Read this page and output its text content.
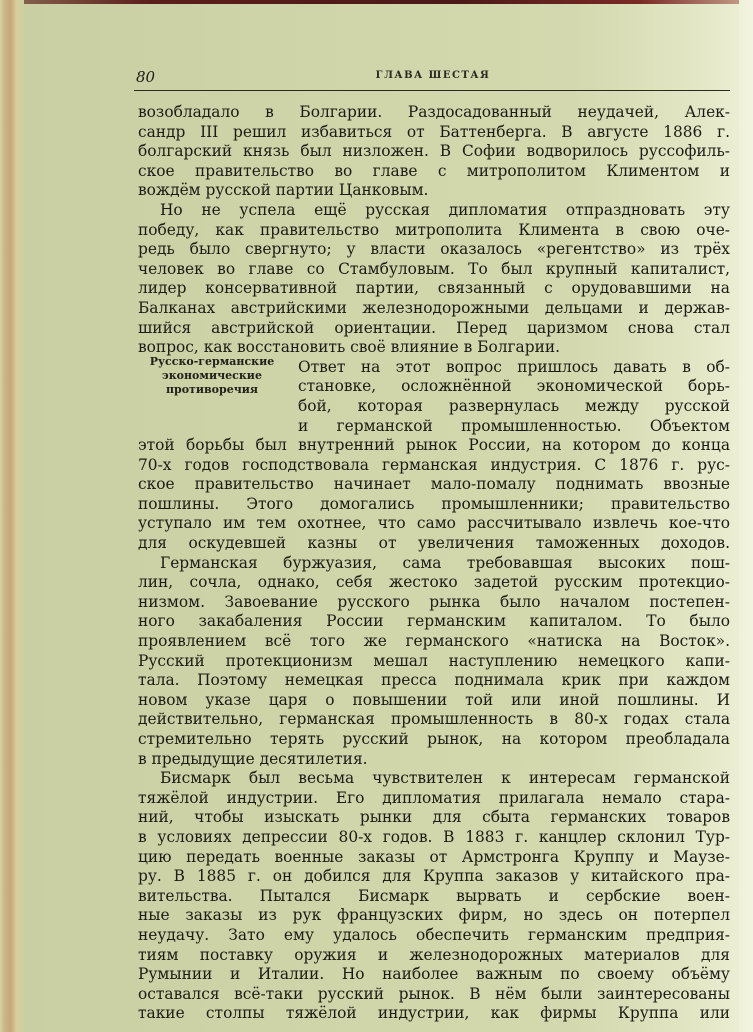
80	ГЛАВА ШЕСТАЯ
Русско-германские
экономические
противоречия
возобладало в Болгарии. Раздосадованный неудачей, Алек-
сандр III решил избавиться от Баттенберга. В августе 1886 г.
болгарский князь был низложен. В Софии водворилось руссофиль-
ское правительство во главе с митрополитом Климентом и
вождём русской партии Цанковым.
Но не успела ещё русская дипломатия отпраздновать эту
победу, как правительство митрополита Климента в свою оче-
редь было свергнуто; у власти оказалось «регентство» из трёх
человек во главе со Стамбуловым. То был крупный капиталист,
лидер консервативной партии, связанный с орудовавшими на
Балканах австрийскими железнодорожными дельцами и держав-
шийся австрийской ориентации. Перед царизмом снова стал
вопрос, как восстановить своё влияние в Болгарии.
Ответ на этот вопрос пришлось давать в об-
становке, осложнённой экономической борь-
бой, которая развернулась между русской
и германской промышленностью. Объектом
этой борьбы был внутренний рынок России, на котором до конца
70-х годов господствовала германская индустрия. С 1876 г. рус-
ское правительство начинает мало-помалу поднимать ввозные
пошлины. Этого домогались промышленники; правительство
уступало им тем охотнее, что само рассчитывало извлечь кое-что
для оскудевшей казны от увеличения таможенных доходов.
Германская буржуазия, сама требовавшая высоких пош-
лин, сочла, однако, себя жестоко задетой русским протекцио-
низмом. Завоевание русского рынка было началом постепен-
ного закабаления России германским капиталом. То было
проявлением всё того же германского «натиска на Восток».
Русский протекционизм мешал наступлению немецкого капи-
тала. Поэтому немецкая пресса поднимала крик при каждом
новом указе царя о повышении той или иной пошлины. И
действительно, германская промышленность в 80-х годах стала
стремительно терять русский рынок, на котором преобладала
в предыдущие десятилетия.
Бисмарк был весьма чувствителен к интересам германской
тяжёлой индустрии. Его дипломатия прилагала немало стара-
ний, чтобы изыскать рынки для сбыта германских товаров
в условиях депрессии 80-х годов. В 1883 г. канцлер склонил Тур-
цию передать военные заказы от Армстронга Круппу и Маузе-
ру. В 1885 г. он добился для Круппа заказов у китайского пра-
вительства. Пытался Бисмарк вырвать и сербские воен-
ные заказы из рук французских фирм, но здесь он потерпел
неудачу. Зато ему удалось обеспечить германским предприя-
тиям поставку оружия и железнодорожных материалов для
Румынии и Италии. Но наиболее важным по своему объёму
оставался всё-таки русский рынок. В нём были заинтересованы
такие столпы тяжёлой индустрии, как фирмы Круппа или
